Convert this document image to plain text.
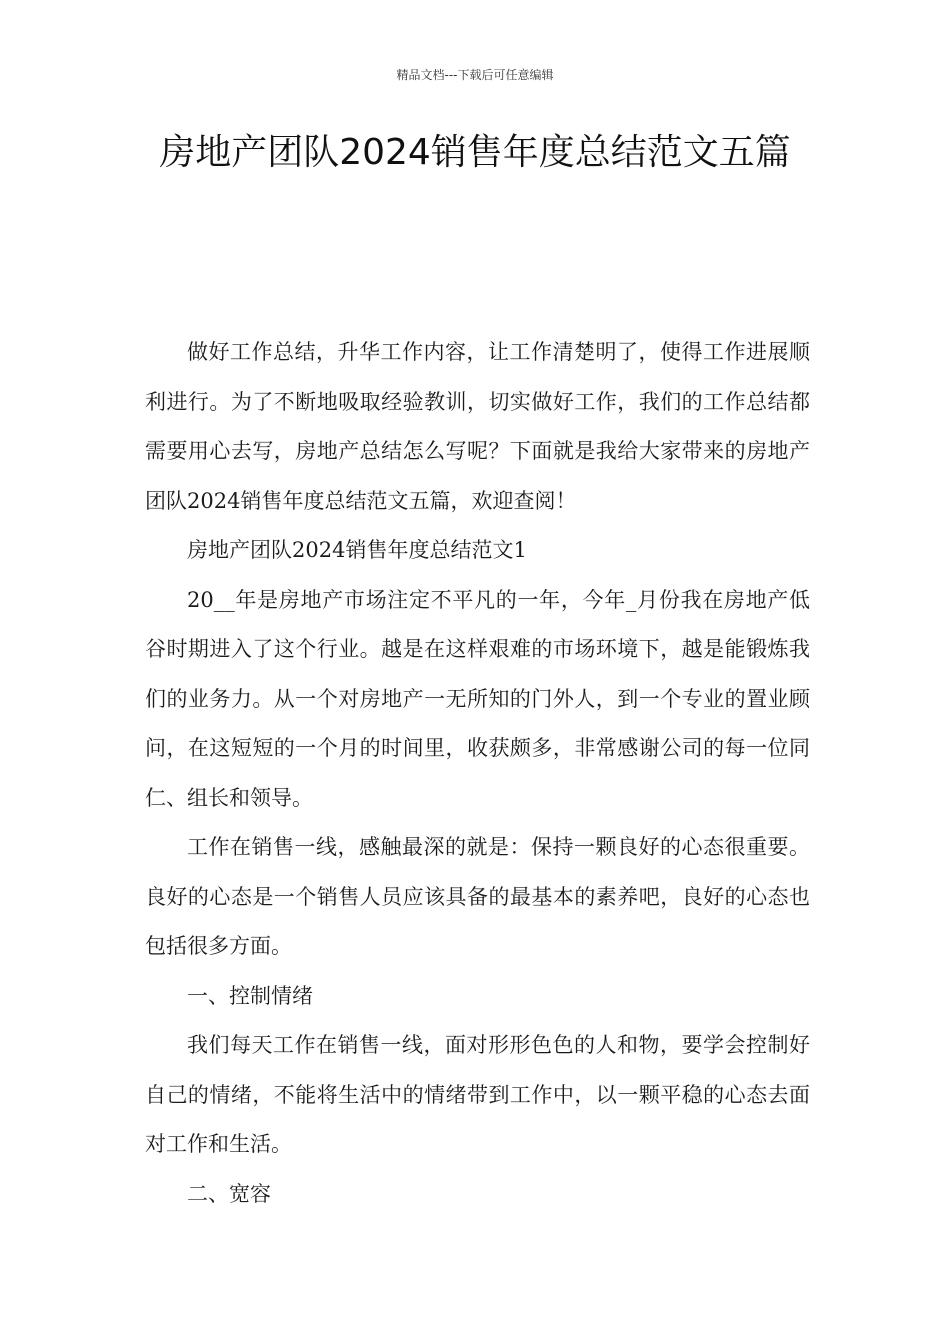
精品文档---下载后可任意编辑
房地产团队2024销售年度总结范文五篇

做好工作总结，升华工作内容，让工作清楚明了，使得工作进展顺利进行。为了不断地吸取经验教训，切实做好工作，我们的工作总结都需要用心去写，房地产总结怎么写呢？下面就是我给大家带来的房地产团队2024销售年度总结范文五篇，欢迎查阅！

房地产团队2024销售年度总结范文1

20__年是房地产市场注定不平凡的一年，今年_月份我在房地产低谷时期进入了这个行业。越是在这样艰难的市场环境下，越是能锻炼我们的业务力。从一个对房地产一无所知的门外人，到一个专业的置业顾问，在这短短的一个月的时间里，收获颇多，非常感谢公司的每一位同仁、组长和领导。

工作在销售一线，感触最深的就是：保持一颗良好的心态很重要。良好的心态是一个销售人员应该具备的最基本的素养吧，良好的心态也包括很多方面。

一、控制情绪

我们每天工作在销售一线，面对形形色色的人和物，要学会控制好自己的情绪，不能将生活中的情绪带到工作中，以一颗平稳的心态去面对工作和生活。

二、宽容
